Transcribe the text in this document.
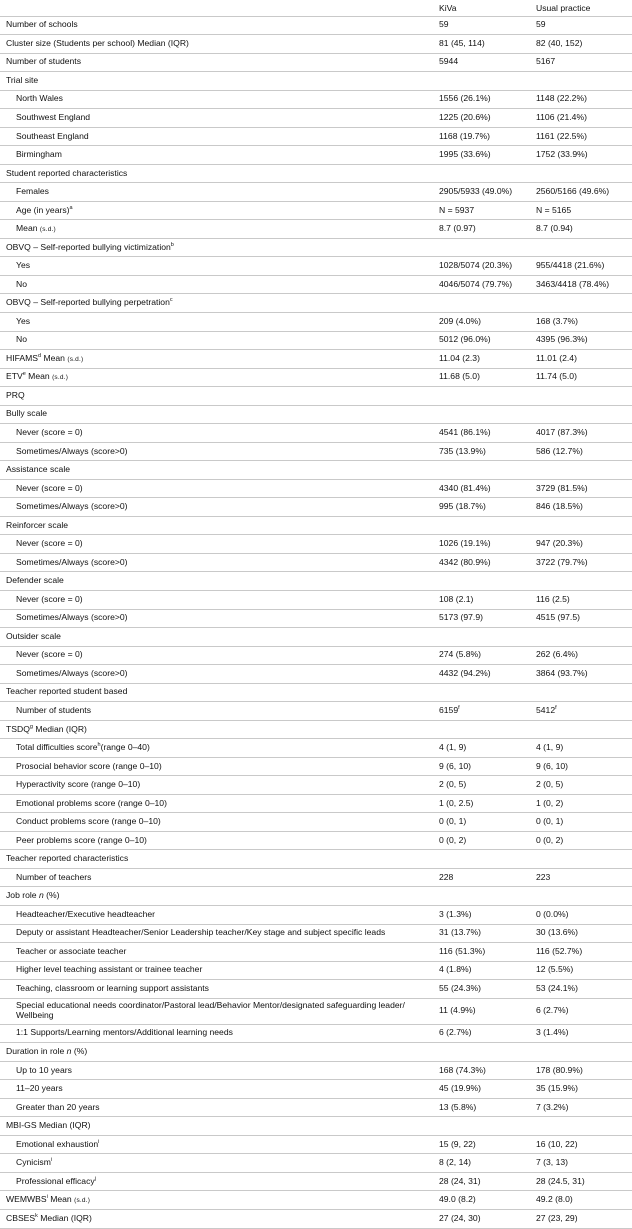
	KiVa	Usual practice
Number of schools	59	59
Cluster size (Students per school) Median (IQR)	81 (45, 114)	82 (40, 152)
Number of students	5944	5167
Trial site		
North Wales	1556 (26.1%)	1148 (22.2%)
Southwest England	1225 (20.6%)	1106 (21.4%)
Southeast England	1168 (19.7%)	1161 (22.5%)
Birmingham	1995 (33.6%)	1752 (33.9%)
Student reported characteristics		
Females	2905/5933 (49.0%)	2560/5166 (49.6%)
Age (in years)$^a$	N = 5937	N = 5165
Mean (s.d.)	8.7 (0.97)	8.7 (0.94)
OBVQ – Self-reported bullying victimization$^b$		
Yes	1028/5074 (20.3%)	955/4418 (21.6%)
No	4046/5074 (79.7%)	3463/4418 (78.4%)
OBVQ – Self-reported bullying perpetration$^c$		
Yes	209 (4.0%)	168 (3.7%)
No	5012 (96.0%)	4395 (96.3%)
HIFAMS$^d$ Mean (s.d.)	11.04 (2.3)	11.01 (2.4)
ETV$^e$ Mean (s.d.)	11.68 (5.0)	11.74 (5.0)
PRQ		
Bully scale		
Never (score = 0)	4541 (86.1%)	4017 (87.3%)
Sometimes/Always (score>0)	735 (13.9%)	586 (12.7%)
Assistance scale		
Never (score = 0)	4340 (81.4%)	3729 (81.5%)
Sometimes/Always (score>0)	995 (18.7%)	846 (18.5%)
Reinforcer scale		
Never (score = 0)	1026 (19.1%)	947 (20.3%)
Sometimes/Always (score>0)	4342 (80.9%)	3722 (79.7%)
Defender scale		
Never (score = 0)	108 (2.1)	116 (2.5)
Sometimes/Always (score>0)	5173 (97.9)	4515 (97.5)
Outsider scale		
Never (score = 0)	274 (5.8%)	262 (6.4%)
Sometimes/Always (score>0)	4432 (94.2%)	3864 (93.7%)
Teacher reported student based		
Number of students	6159$^f$	5412$^f$
TSDQ$^g$ Median (IQR)		
Total difficulties score$^h$(range 0–40)	4 (1, 9)	4 (1, 9)
Prosocial behavior score (range 0–10)	9 (6, 10)	9 (6, 10)
Hyperactivity score (range 0–10)	2 (0, 5)	2 (0, 5)
Emotional problems score (range 0–10)	1 (0, 2.5)	1 (0, 2)
Conduct problems score (range 0–10)	0 (0, 1)	0 (0, 1)
Peer problems score (range 0–10)	0 (0, 2)	0 (0, 2)
Teacher reported characteristics		
Number of teachers	228	223
Job role n (%)		
Headteacher/Executive headteacher	3 (1.3%)	0 (0.0%)
Deputy or assistant Headteacher/Senior Leadership teacher/Key stage and subject specific leads	31 (13.7%)	30 (13.6%)
Teacher or associate teacher	116 (51.3%)	116 (52.7%)
Higher level teaching assistant or trainee teacher	4 (1.8%)	12 (5.5%)
Teaching, classroom or learning support assistants	55 (24.3%)	53 (24.1%)
Special educational needs coordinator/Pastoral lead/Behavior Mentor/designated safeguarding leader/ Wellbeing	11 (4.9%)	6 (2.7%)
1:1 Supports/Learning mentors/Additional learning needs	6 (2.7%)	3 (1.4%)
Duration in role n (%)		
Up to 10 years	168 (74.3%)	178 (80.9%)
11–20 years	45 (19.9%)	35 (15.9%)
Greater than 20 years	13 (5.8%)	7 (3.2%)
MBI-GS Median (IQR)		
Emotional exhaustion$^i$	15 (9, 22)	16 (10, 22)
Cynicism$^i$	8 (2, 14)	7 (3, 13)
Professional efficacy$^j$	28 (24, 31)	28 (24.5, 31)
WEMWBS$^i$ Mean (s.d.)	49.0 (8.2)	49.2 (8.0)
CBSES$^k$ Median (IQR)	27 (24, 30)	27 (23, 29)
